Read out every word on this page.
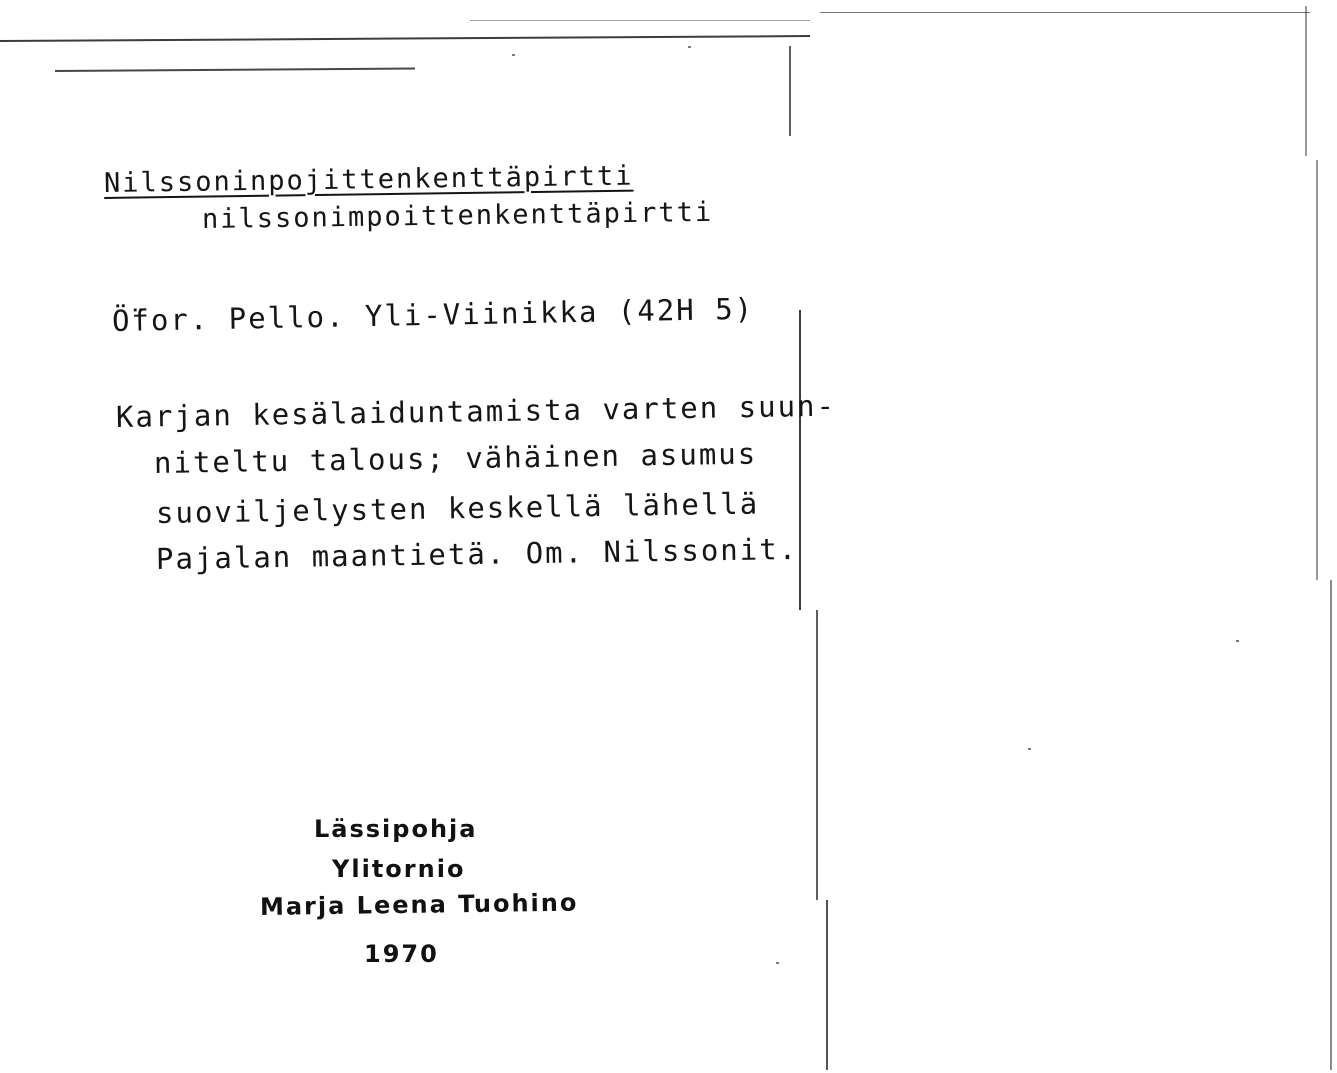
Nilssoninpojittenkenttäpirtti

nilssonimpoittenkenttäpirtti

Ö̈for. Pello. Yli-Viinikka (42H 5)

Karjan kesälaiduntamista varten suun-

niteltu talous; vähäinen asumus

suoviljelysten keskellä lähellä

Pajalan maantietä. Om. Nilssonit.

Lässipohja

Ylitornio

Marja Leena Tuohino

1970
